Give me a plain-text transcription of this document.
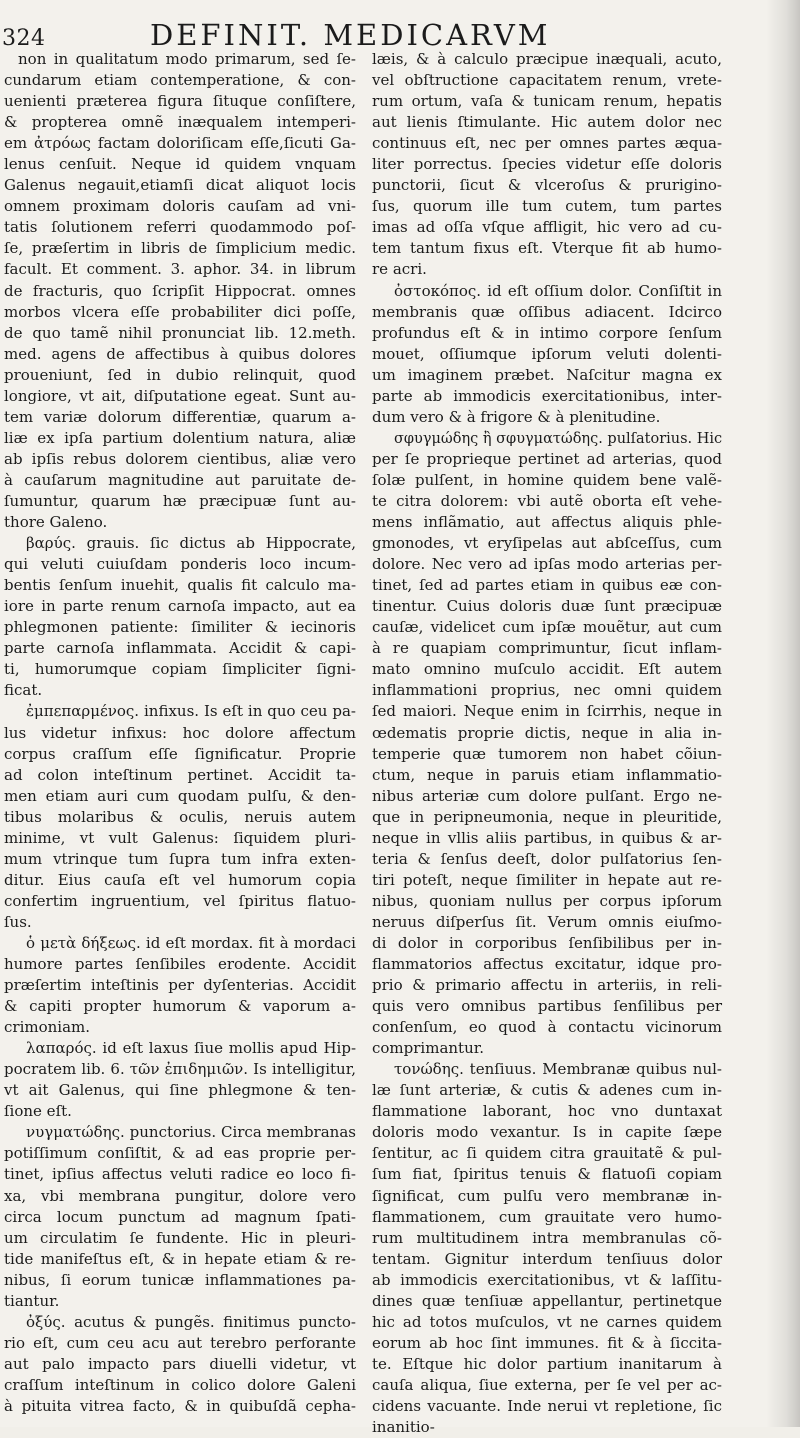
324	DEFINIT. MEDICARVM
non in qualitatum modo primarum, sed ſe-
cundarum etiam contemperatione, & con-
uenienti præterea figura ſituque conſiſtere,
& propterea omnẽ inæqualem intemperi-
em ἀτρόως factam doloriſicam eſſe,ſicuti Ga-
lenus cenſuit. Neque id quidem vnquam
Galenus negauit,etiamſi dicat aliquot locis
omnem proximam doloris cauſam ad vni-
tatis ſolutionem referri quodammodo poſ-
ſe, præſertim in libris de ſimplicium medic.
facult. Et comment. 3. aphor. 34. in librum
de fracturis, quo ſcripſit Hippocrat. omnes
morbos vlcera eſſe probabiliter dici poſſe,
de quo tamẽ nihil pronunciat lib. 12.meth.
med. agens de affectibus à quibus dolores
proueniunt, ſed in dubio relinquit, quod
longiore, vt ait, diſputatione egeat. Sunt au-
tem variæ dolorum differentiæ, quarum a-
liæ ex ipſa partium dolentium natura, aliæ
ab ipſis rebus dolorem cientibus, aliæ vero
à cauſarum magnitudine aut paruitate de-
ſumuntur, quarum hæ præcipuæ ſunt au-
thore Galeno.
βαρύς. grauis. ſic dictus ab Hippocrate,
qui veluti cuiuſdam ponderis loco incum-
bentis ſenſum inuehit, qualis fit calculo ma-
iore in parte renum carnoſa impacto, aut ea
phlegmonen patiente: ſimiliter & iecinoris
parte carnoſa inflammata. Accidit & capi-
ti, humorumque copiam ſimpliciter ſigni-
ficat.
ἐμπεπαρμένος. infixus. Is eſt in quo ceu pa-
lus videtur infixus: hoc dolore affectum
corpus craſſum eſſe ſignificatur. Proprie
ad colon inteſtinum pertinet. Accidit ta-
men etiam auri cum quodam pulſu, & den-
tibus molaribus & oculis, neruis autem
minime, vt vult Galenus: ſiquidem pluri-
mum vtrinque tum ſupra tum infra exten-
ditur. Eius cauſa eſt vel humorum copia
confertim ingruentium, vel ſpiritus flatuo-
ſus.
ὁ μετὰ δήξεως. id eſt mordax. fit à mordaci
humore partes ſenſibiles erodente. Accidit
præſertim inteſtinis per dyſenterias. Accidit
& capiti propter humorum & vaporum a-
crimoniam.
λαπαρός. id eſt laxus ſiue mollis apud Hip-
pocratem lib. 6. τῶν ἐπιδημιῶν. Is intelligitur,
vt ait Galenus, qui ſine phlegmone & ten-
ſione eſt.
νυγματώδης. punctorius. Circa membranas
potiſſimum conſiſtit, & ad eas proprie per-
tinet, ipſius affectus veluti radice eo loco fi-
xa, vbi membrana pungitur, dolore vero
circa locum punctum ad magnum ſpati-
um circulatim ſe fundente. Hic in pleuri-
tide manifeſtus eſt, & in hepate etiam & re-
nibus, ſi eorum tunicæ inflammationes pa-
tiantur.
ὀξύς. acutus & pungẽs. finitimus puncto-
rio eſt, cum ceu acu aut terebro perforante
aut palo impacto pars diuelli videtur, vt
craſſum inteſtinum in colico dolore Galeni
à pituita vitrea facto, & in quibuſdã cepha-
læis, & à calculo præcipue inæquali, acuto,
vel obſtructione capacitatem renum, vrete-
rum ortum, vaſa & tunicam renum, hepatis
aut lienis ſtimulante. Hic autem dolor nec
continuus eſt, nec per omnes partes æqua-
liter porrectus. ſpecies videtur eſſe doloris
punctorii, ſicut & vlceroſus & prurigino-
ſus, quorum ille tum cutem, tum partes
imas ad oſſa vſque affligit, hic vero ad cu-
tem tantum fixus eſt. Vterque fit ab humo-
re acri.
ὀστοκόπος. id eſt oſſium dolor. Conſiſtit in
membranis quæ oſſibus adiacent. Idcirco
profundus eſt & in intimo corpore ſenſum
mouet, oſſiumque ipſorum veluti dolenti-
um imaginem præbet. Naſcitur magna ex
parte ab immodicis exercitationibus, inter-
dum vero & à frigore & à plenitudine.
σφυγμώδης ἢ σφυγματώδης. pulſatorius. Hic
per ſe proprieque pertinet ad arterias, quod
ſolæ pulſent, in homine quidem bene valẽ-
te citra dolorem: vbi autẽ oborta eſt vehe-
mens inflãmatio, aut affectus aliquis phle-
gmonodes, vt eryſipelas aut abſceſſus, cum
dolore. Nec vero ad ipſas modo arterias per-
tinet, ſed ad partes etiam in quibus eæ con-
tinentur. Cuius doloris duæ ſunt præcipuæ
cauſæ, videlicet cum ipſæ mouẽtur, aut cum
à re quapiam comprimuntur, ſicut inflam-
mato omnino muſculo accidit. Eſt autem
inflammationi proprius, nec omni quidem
ſed maiori. Neque enim in ſcirrhis, neque in
œdematis proprie dictis, neque in alia in-
temperie quæ tumorem non habet cõiun-
ctum, neque in paruis etiam inflammatio-
nibus arteriæ cum dolore pulſant. Ergo ne-
que in peripneumonia, neque in pleuritide,
neque in vllis aliis partibus, in quibus & ar-
teria & ſenſus deeſt, dolor pulſatorius ſen-
tiri poteſt, neque ſimiliter in hepate aut re-
nibus, quoniam nullus per corpus ipſorum
neruus diſperſus ſit. Verum omnis eiuſmo-
di dolor in corporibus ſenſibilibus per in-
flammatorios affectus excitatur, idque pro-
prio & primario affectu in arteriis, in reli-
quis vero omnibus partibus ſenſilibus per
conſenſum, eo quod à contactu vicinorum
comprimantur.
τονώδης. tenſiuus. Membranæ quibus nul-
læ ſunt arteriæ, & cutis & adenes cum in-
flammatione laborant, hoc vno duntaxat
doloris modo vexantur. Is in capite ſæpe
ſentitur, ac ſi quidem citra grauitatẽ & pul-
ſum fiat, ſpiritus tenuis & flatuoſi copiam
ſignificat, cum pulſu vero membranæ in-
flammationem, cum grauitate vero humo-
rum multitudinem intra membranulas cõ-
tentam. Gignitur interdum tenſiuus dolor
ab immodicis exercitationibus, vt & laſſitu-
dines quæ tenſiuæ appellantur, pertinetque
hic ad totos muſculos, vt ne carnes quidem
eorum ab hoc ſint immunes. fit & à ſiccita-
te. Eſtque hic dolor partium inanitarum à
cauſa aliqua, ſiue externa, per ſe vel per ac-
cidens vacuante. Inde nerui vt repletione, ſic
inanitio-
